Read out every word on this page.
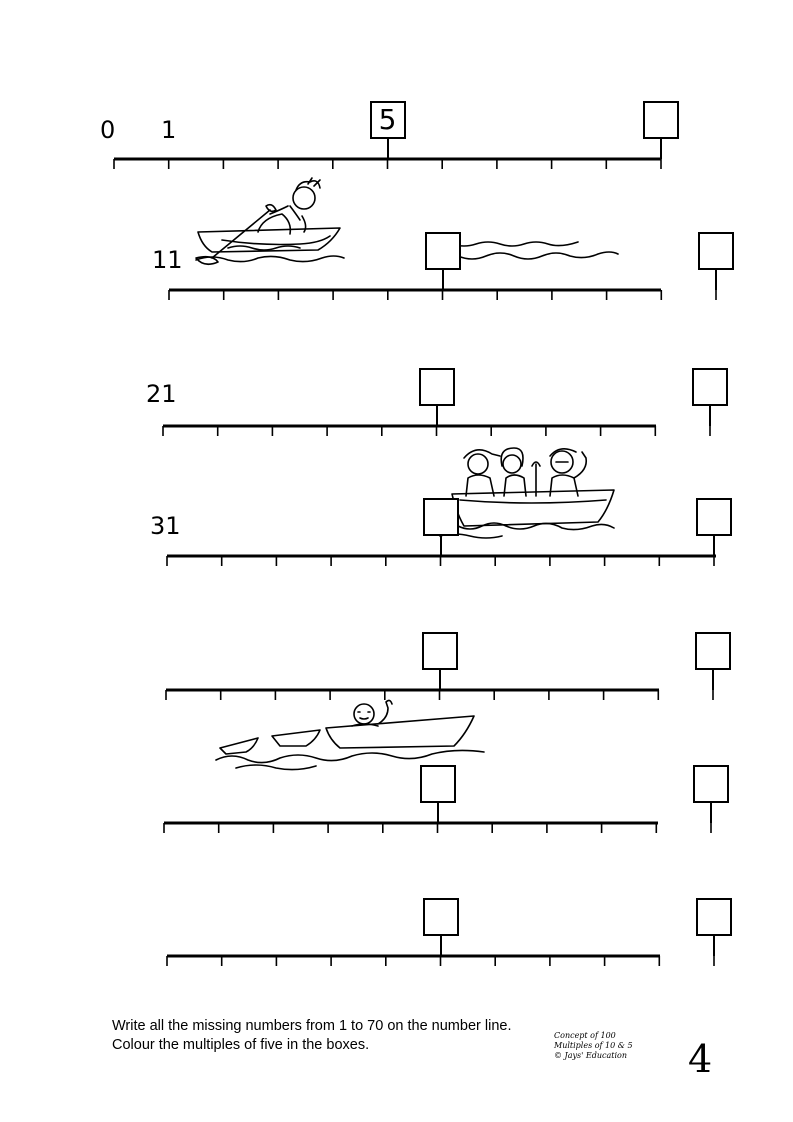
0 1	5
11
21
31
Write all the missing numbers from 1 to 70 on the number line.
Colour the multiples of five in the boxes.
Concept of 100
Multiples of 10 & 5
© Jays' Education 4
